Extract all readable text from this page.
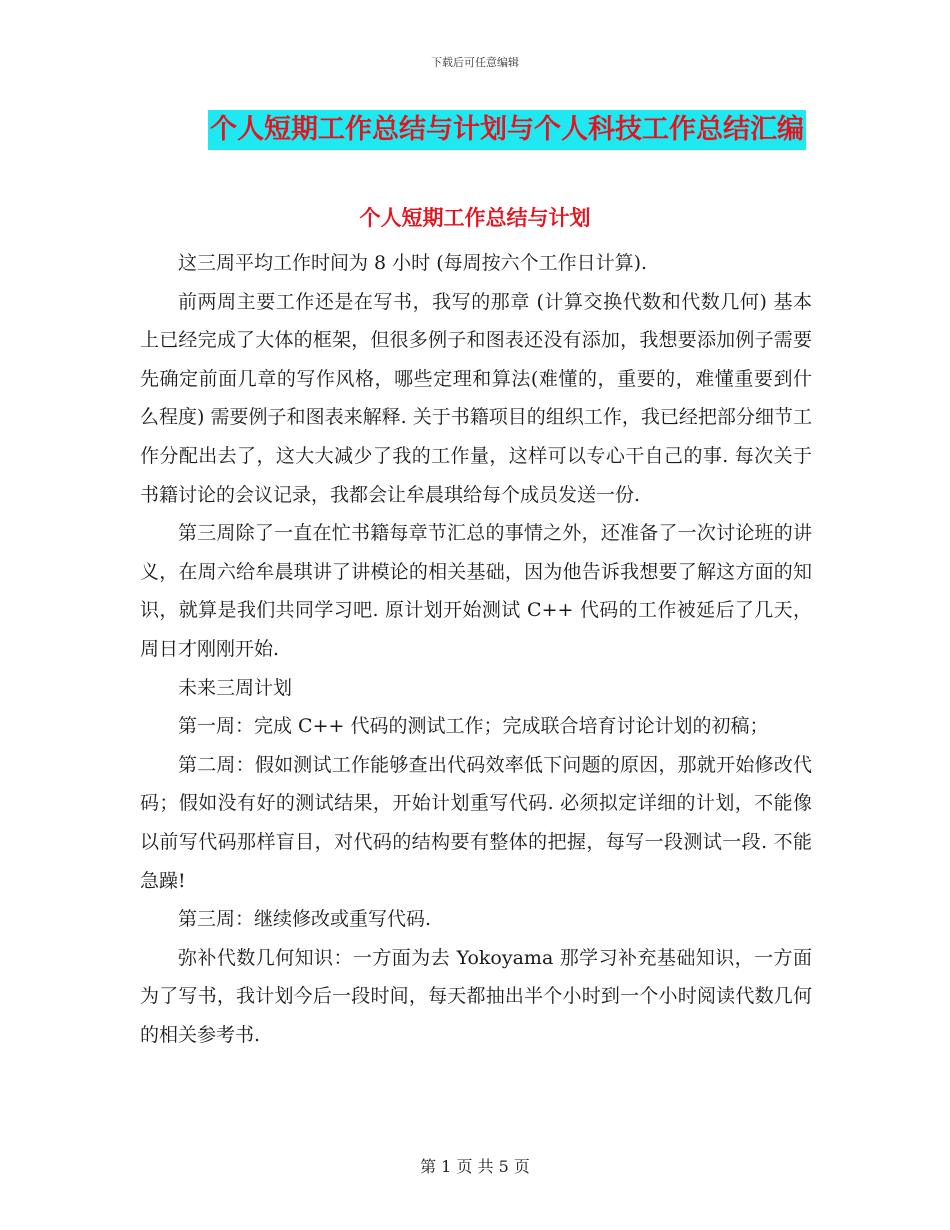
下载后可任意编辑
个人短期工作总结与计划与个人科技工作总结汇编
个人短期工作总结与计划

这三周平均工作时间为 8 小时 (每周按六个工作日计算).

前两周主要工作还是在写书，我写的那章 (计算交换代数和代数几何) 基本上已经完成了大体的框架，但很多例子和图表还没有添加，我想要添加例子需要先确定前面几章的写作风格，哪些定理和算法(难懂的，重要的，难懂重要到什么程度) 需要例子和图表来解释. 关于书籍项目的组织工作，我已经把部分细节工作分配出去了，这大大减少了我的工作量，这样可以专心干自己的事. 每次关于书籍讨论的会议记录，我都会让牟晨琪给每个成员发送一份.

第三周除了一直在忙书籍每章节汇总的事情之外，还准备了一次讨论班的讲义，在周六给牟晨琪讲了讲模论的相关基础，因为他告诉我想要了解这方面的知识，就算是我们共同学习吧. 原计划开始测试 C++ 代码的工作被延后了几天，周日才刚刚开始.

未来三周计划

第一周：完成 C++ 代码的测试工作；完成联合培育讨论计划的初稿；

第二周：假如测试工作能够查出代码效率低下问题的原因，那就开始修改代码；假如没有好的测试结果，开始计划重写代码. 必须拟定详细的计划，不能像以前写代码那样盲目，对代码的结构要有整体的把握，每写一段测试一段. 不能急躁!

第三周：继续修改或重写代码.

弥补代数几何知识：一方面为去 Yokoyama 那学习补充基础知识，一方面为了写书，我计划今后一段时间，每天都抽出半个小时到一个小时阅读代数几何的相关参考书.

第 1 页 共 5 页
